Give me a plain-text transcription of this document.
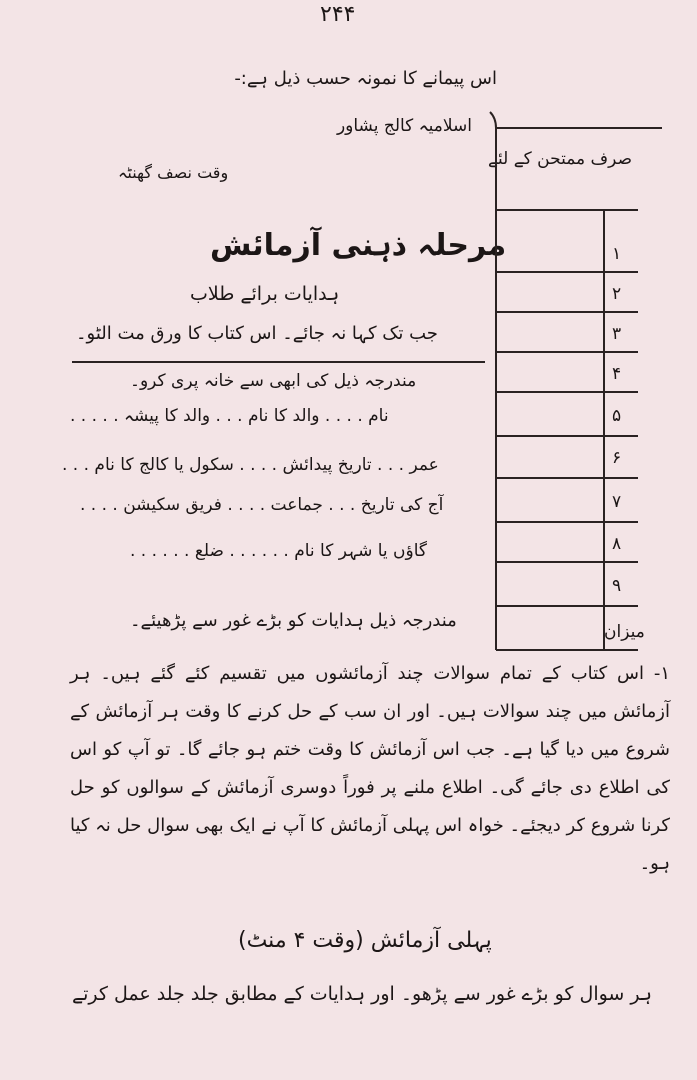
۲۴۴
اس پیمانے کا نمونہ حسب ذیل ہے:-
اسلامیہ کالج پشاور
صرف ممتحن کے لئے
وقت نصف گھنٹہ
مرحلہ ذہنی آزمائش
ہدایات برائے طلاب
جب تک کہا نہ جائے۔ اس کتاب کا ورق مت الٹو۔
مندرجہ ذیل کی ابھی سے خانہ پری کرو۔
نام . . . . والد کا نام . . . والد کا پیشہ . . . . .
عمر . . . تاریخ پیدائش . . . . سکول یا کالج کا نام . . .
آج کی تاریخ . . . جماعت . . . . فریق سکیشن . . . .
گاؤں یا شہر کا نام . . . . . . ضلع . . . . . .
مندرجہ ذیل ہدایات کو بڑے غور سے پڑھیئے۔
۱- اس کتاب کے تمام سوالات چند آزمائشوں میں تقسیم کئے گئے ہیں۔ ہر آزمائش میں چند سوالات ہیں۔ اور ان سب کے حل کرنے کا وقت ہر آزمائش کے شروع میں دیا گیا ہے۔ جب اس آزمائش کا وقت ختم ہو جائے گا۔ تو آپ کو اس کی اطلاع دی جائے گی۔ اطلاع ملنے پر فوراً دوسری آزمائش کے سوالوں کو حل کرنا شروع کر دیجئے۔ خواہ اس پہلی آزمائش کا آپ نے ایک بھی سوال حل نہ کیا ہو۔
پہلی آزمائش (وقت ۴ منٹ)
ہر سوال کو بڑے غور سے پڑھو۔ اور ہدایات کے مطابق جلد جلد عمل کرتے
۱
۲
۳
۴
۵
۶
۷
۸
۹
میزان
